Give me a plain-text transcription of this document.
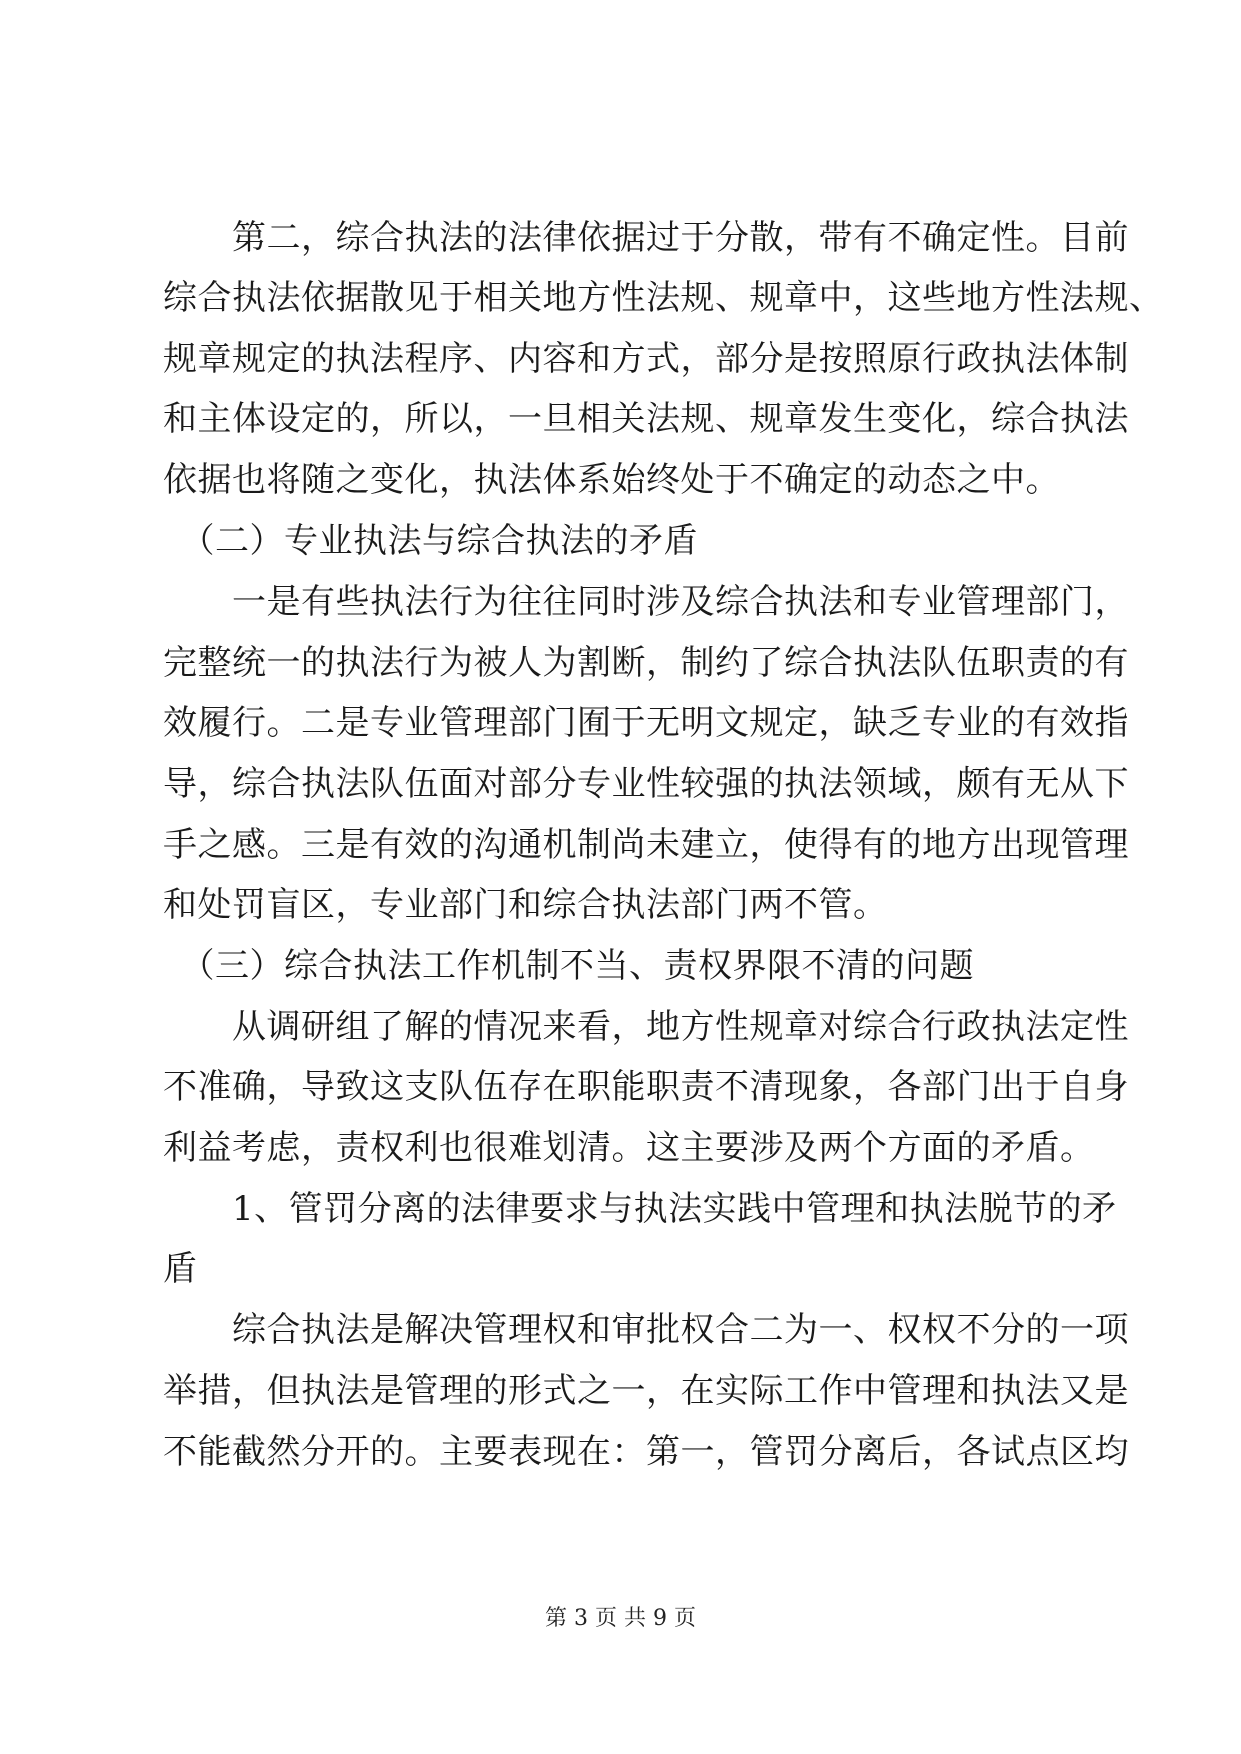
　　第二，综合执法的法律依据过于分散，带有不确定性。目前
综合执法依据散见于相关地方性法规、规章中，这些地方性法规、
规章规定的执法程序、内容和方式，部分是按照原行政执法体制
和主体设定的，所以，一旦相关法规、规章发生变化，综合执法
依据也将随之变化，执法体系始终处于不确定的动态之中。
　（二）专业执法与综合执法的矛盾
　　一是有些执法行为往往同时涉及综合执法和专业管理部门，
完整统一的执法行为被人为割断，制约了综合执法队伍职责的有
效履行。二是专业管理部门囿于无明文规定，缺乏专业的有效指
导，综合执法队伍面对部分专业性较强的执法领域，颇有无从下
手之感。三是有效的沟通机制尚未建立，使得有的地方出现管理
和处罚盲区，专业部门和综合执法部门两不管。
　（三）综合执法工作机制不当、责权界限不清的问题
　　从调研组了解的情况来看，地方性规章对综合行政执法定性
不准确，导致这支队伍存在职能职责不清现象，各部门出于自身
利益考虑，责权利也很难划清。这主要涉及两个方面的矛盾。
　　1、管罚分离的法律要求与执法实践中管理和执法脱节的矛
盾
　　综合执法是解决管理权和审批权合二为一、权权不分的一项
举措，但执法是管理的形式之一，在实际工作中管理和执法又是
不能截然分开的。主要表现在：第一，管罚分离后，各试点区均
第 3 页 共 9 页
